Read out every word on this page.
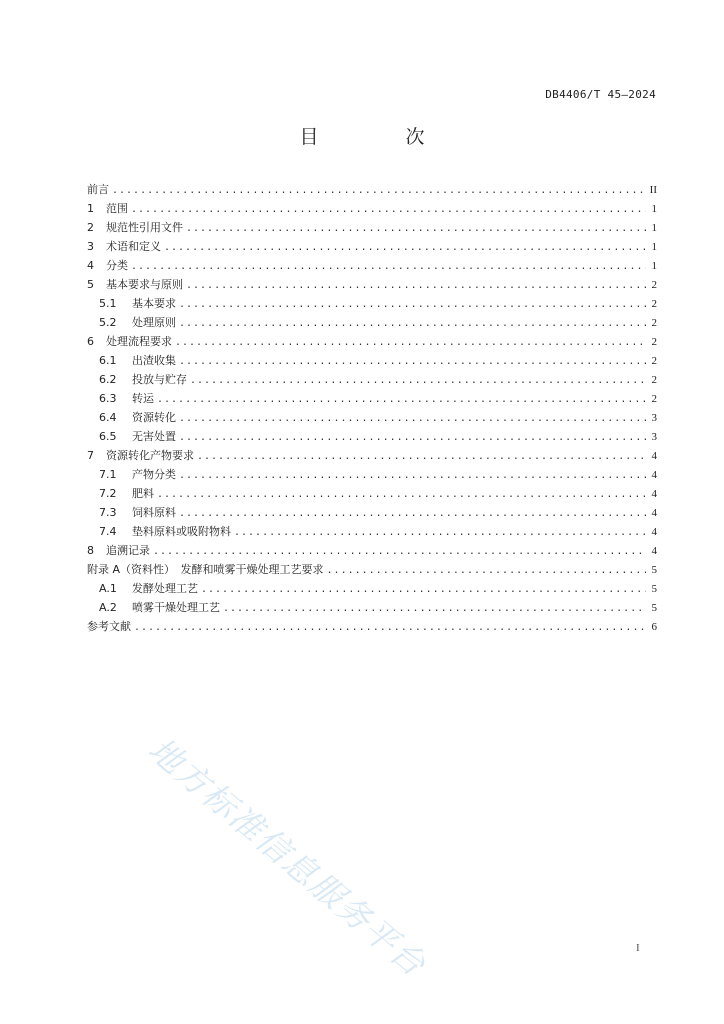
DB4406/T 45—2024
目　次
前言 .....	II
1	范围 .....	1
2	规范性引用文件 .....	1
3	术语和定义 .....	1
4	分类 .....	1
5	基本要求与原则 .....	2
5.1	基本要求 .....	2
5.2	处理原则 .....	2
6	处理流程要求 .....	2
6.1	出渣收集 .....	2
6.2	投放与贮存 .....	2
6.3	转运 .....	2
6.4	资源转化 .....	3
6.5	无害处置 .....	3
7	资源转化产物要求 .....	4
7.1	产物分类 .....	4
7.2	肥料 .....	4
7.3	饲料原料 .....	4
7.4	垫料原料或吸附物料 .....	4
8	追溯记录 .....	4
附录 A（资料性）　发酵和喷雾干燥处理工艺要求 .....	5
A.1	发酵处理工艺 .....	5
A.2	喷雾干燥处理工艺 .....	5
参考文献 .....	6
地方标准信息服务平台	I
